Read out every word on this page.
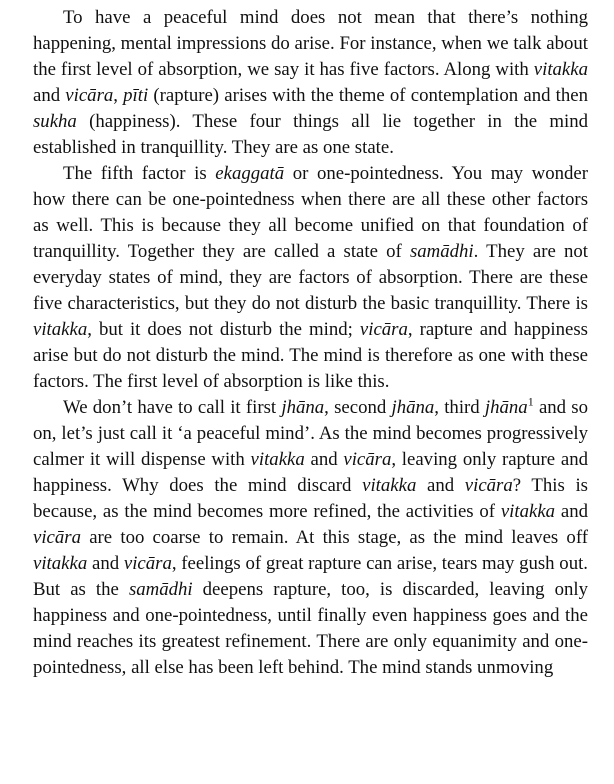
To have a peaceful mind does not mean that there’s nothing happening, mental impressions do arise. For instance, when we talk about the first level of absorption, we say it has five factors. Along with vitakka and vicāra, pīti (rapture) arises with the theme of contemplation and then sukha (happiness). These four things all lie together in the mind established in tranquillity. They are as one state.

The fifth factor is ekaggatā or one-pointedness. You may wonder how there can be one-pointedness when there are all these other factors as well. This is because they all become unified on that foundation of tranquillity. Together they are called a state of samādhi. They are not everyday states of mind, they are factors of absorption. There are these five characteristics, but they do not disturb the basic tranquillity. There is vitakka, but it does not disturb the mind; vicāra, rapture and happiness arise but do not disturb the mind. The mind is therefore as one with these factors. The first level of absorption is like this.

We don’t have to call it first jhāna, second jhāna, third jhāna$^1$ and so on, let’s just call it ‘a peaceful mind’. As the mind becomes progressively calmer it will dispense with vitakka and vicāra, leaving only rapture and happiness. Why does the mind discard vitakka and vicāra? This is because, as the mind becomes more refined, the activities of vitakka and vicāra are too coarse to remain. At this stage, as the mind leaves off vitakka and vicāra, feelings of great rapture can arise, tears may gush out. But as the samādhi deepens rapture, too, is discarded, leaving only happiness and one-pointedness, until finally even happiness goes and the mind reaches its greatest refinement. There are only equanimity and one-pointedness, all else has been left behind. The mind stands unmoving
